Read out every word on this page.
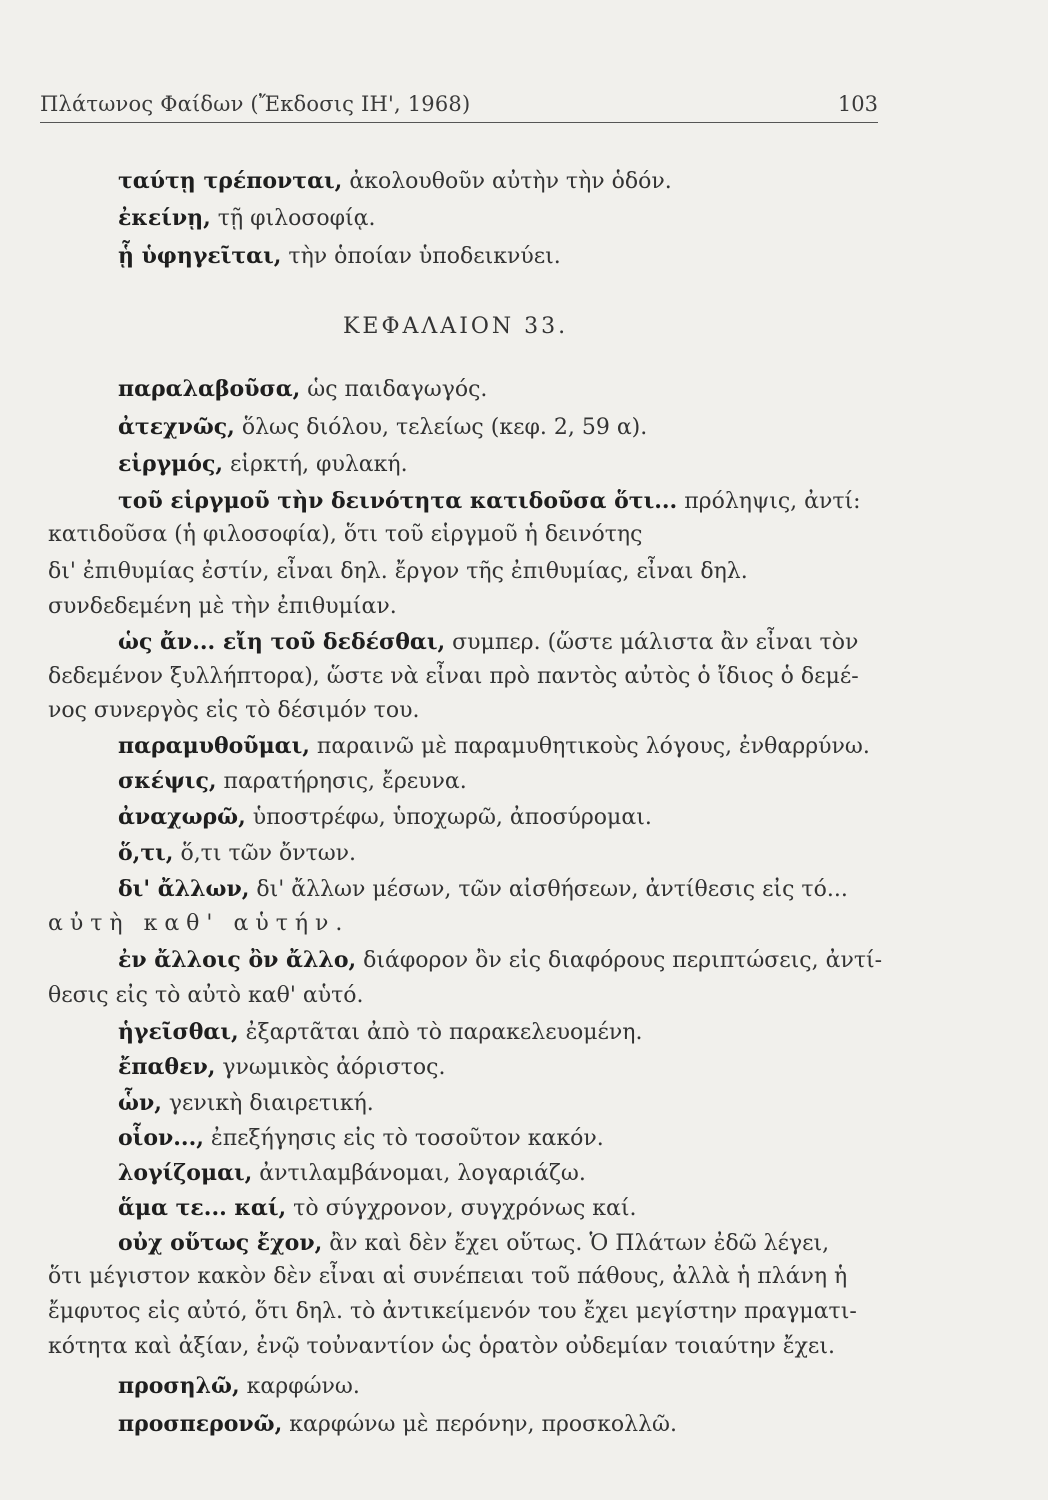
Πλάτωνος Φαίδων (Ἔκδοσις ΙΗ', 1968)	103
ταύτῃ τρέπονται, ἀκολουθοῦν αὐτὴν τὴν ὁδόν.
ἐκείνῃ, τῇ φιλοσοφίᾳ.
ᾗ ὑφηγεῖται, τὴν ὁποίαν ὑποδεικνύει.
ΚΕΦΑΛΑΙΟΝ 33.
παραλαβοῦσα, ὡς παιδαγωγός.
ἀτεχνῶς, ὅλως διόλου, τελείως (κεφ. 2, 59 α).
εἱργμός, εἱρκτή, φυλακή.
τοῦ εἱργμοῦ τὴν δεινότητα κατιδοῦσα ὅτι... πρόληψις, ἀντί:
κατιδοῦσα (ἡ φιλοσοφία), ὅτι τοῦ εἱργμοῦ ἡ δεινότης
δι' ἐπιθυμίας ἐστίν, εἶναι δηλ. ἔργον τῆς ἐπιθυμίας, εἶναι δηλ.
συνδεδεμένη μὲ τὴν ἐπιθυμίαν.
ὡς ἄν... εἴη τοῦ δεδέσθαι, συμπερ. (ὥστε μάλιστα ἂν εἶναι τὸν
δεδεμένον ξυλλήπτορα), ὥστε νὰ εἶναι πρὸ παντὸς αὐτὸς ὁ ἴδιος ὁ δεμέ-
νος συνεργὸς εἰς τὸ δέσιμόν του.
παραμυθοῦμαι, παραινῶ μὲ παραμυθητικοὺς λόγους, ἐνθαρρύνω.
σκέψις, παρατήρησις, ἔρευνα.
ἀναχωρῶ, ὑποστρέφω, ὑποχωρῶ, ἀποσύρομαι.
ὅ,τι, ὅ,τι τῶν ὄντων.
δι' ἄλλων, δι' ἄλλων μέσων, τῶν αἰσθήσεων, ἀντίθεσις εἰς τό...
αὐτὴ καθ' αὑτήν.
ἐν ἄλλοις ὂν ἄλλο, διάφορον ὂν εἰς διαφόρους περιπτώσεις, ἀντί-
θεσις εἰς τὸ αὐτὸ καθ' αὑτό.
ἡγεῖσθαι, ἐξαρτᾶται ἀπὸ τὸ παρακελευομένη.
ἔπαθεν, γνωμικὸς ἀόριστος.
ὧν, γενικὴ διαιρετική.
οἷον..., ἐπεξήγησις εἰς τὸ τοσοῦτον κακόν.
λογίζομαι, ἀντιλαμβάνομαι, λογαριάζω.
ἅμα τε... καί, τὸ σύγχρονον, συγχρόνως καί.
οὐχ οὕτως ἔχον, ἂν καὶ δὲν ἔχει οὕτως. Ὁ Πλάτων ἐδῶ λέγει,
ὅτι μέγιστον κακὸν δὲν εἶναι αἱ συνέπειαι τοῦ πάθους, ἀλλὰ ἡ πλάνη ἡ
ἔμφυτος εἰς αὐτό, ὅτι δηλ. τὸ ἀντικείμενόν του ἔχει μεγίστην πραγματι-
κότητα καὶ ἀξίαν, ἐνῷ τοὐναντίον ὡς ὁρατὸν οὐδεμίαν τοιαύτην ἔχει.
προσηλῶ, καρφώνω.
προσπερονῶ, καρφώνω μὲ περόνην, προσκολλῶ.
